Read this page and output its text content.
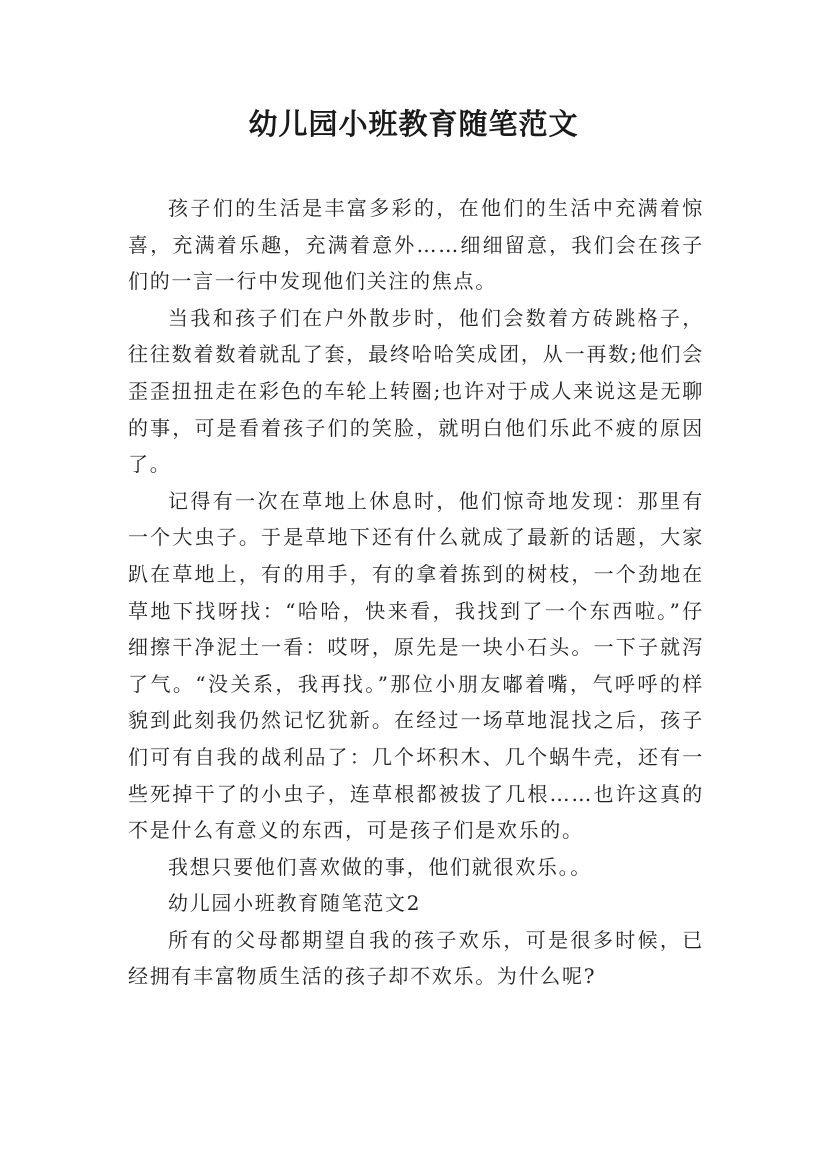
幼儿园小班教育随笔范文

孩子们的生活是丰富多彩的，在他们的生活中充满着惊喜，充满着乐趣，充满着意外……细细留意，我们会在孩子们的一言一行中发现他们关注的焦点。

当我和孩子们在户外散步时，他们会数着方砖跳格子，往往数着数着就乱了套，最终哈哈笑成团，从一再数;他们会歪歪扭扭走在彩色的车轮上转圈;也许对于成人来说这是无聊的事，可是看着孩子们的笑脸，就明白他们乐此不疲的原因了。

记得有一次在草地上休息时，他们惊奇地发现：那里有一个大虫子。于是草地下还有什么就成了最新的话题，大家趴在草地上，有的用手，有的拿着拣到的树枝，一个劲地在草地下找呀找：“哈哈，快来看，我找到了一个东西啦。”仔细擦干净泥土一看：哎呀，原先是一块小石头。一下子就泻了气。“没关系，我再找。”那位小朋友嘟着嘴，气呼呼的样貌到此刻我仍然记忆犹新。在经过一场草地混找之后，孩子们可有自我的战利品了：几个坏积木、几个蜗牛壳，还有一些死掉干了的小虫子，连草根都被拔了几根……也许这真的不是什么有意义的东西，可是孩子们是欢乐的。

我想只要他们喜欢做的事，他们就很欢乐。。

幼儿园小班教育随笔范文2

所有的父母都期望自我的孩子欢乐，可是很多时候，已经拥有丰富物质生活的孩子却不欢乐。为什么呢?
